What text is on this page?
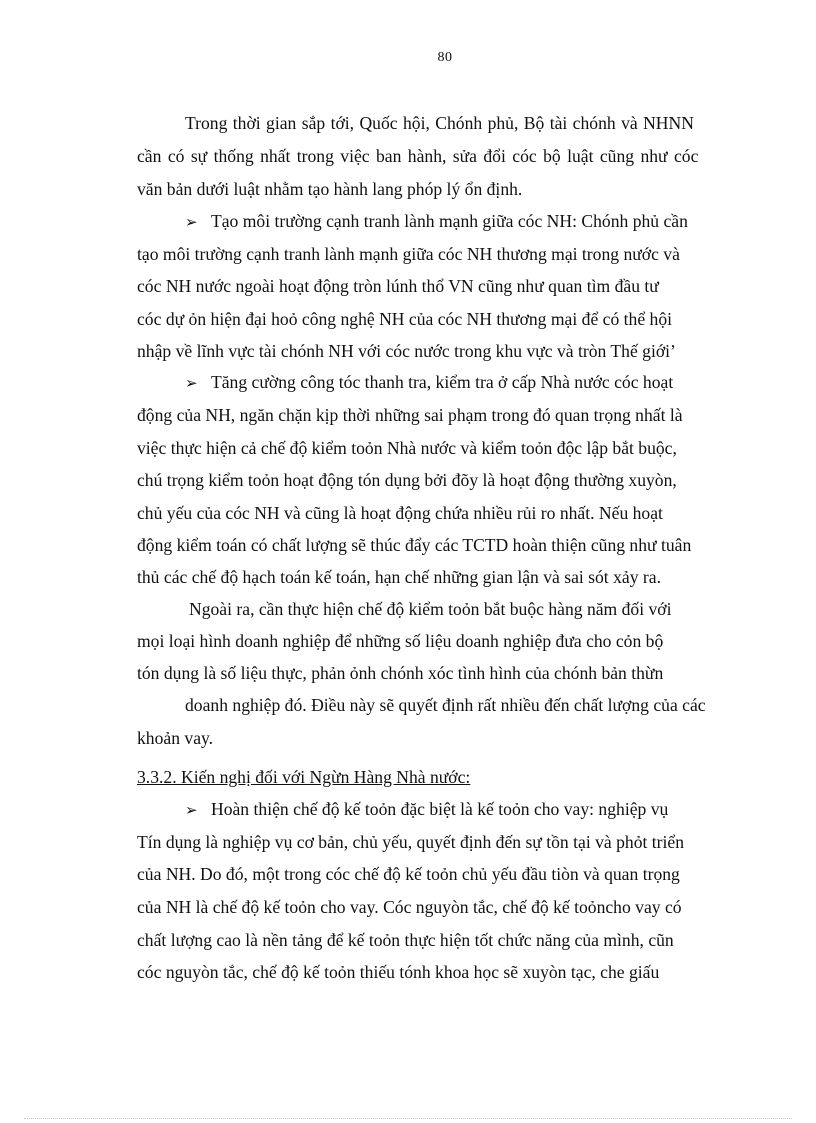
80
Trong thời gian sắp tới, Quốc hội, Chónh phủ, Bộ tài chónh và NHNN
cần có sự thống nhất trong việc ban hành, sửa đổi cóc bộ luật cũng như cóc
văn bản dưới luật nhằm tạo hành lang phóp lý ổn định.
➢ Tạo môi trường cạnh tranh lành mạnh giữa cóc NH: Chónh phủ cần
tạo môi trường cạnh tranh lành mạnh giữa cóc NH thương mại trong nước và
cóc NH nước ngoài hoạt động tròn lúnh thổ VN cũng như quan tìm đầu tư
cóc dự ỏn hiện đại hoỏ công nghệ NH của cóc NH thương mại để có thể hội
nhập về lĩnh vực tài chónh NH với cóc nước trong khu vực và tròn Thế giới’
➢ Tăng cường công tóc thanh tra, kiểm tra ở cấp Nhà nước cóc hoạt
động của NH, ngăn chặn kịp thời những sai phạm trong đó quan trọng nhất là
việc thực hiện cả chế độ kiểm toỏn Nhà nước và kiểm toỏn độc lập bắt buộc,
chú trọng kiểm toỏn hoạt động tón dụng bởi đõy là hoạt động thường xuyòn,
chủ yếu của cóc NH và cũng là hoạt động chứa nhiều rủi ro nhất. Nếu hoạt
động kiểm toán có chất lượng sẽ thúc đẩy các TCTD hoàn thiện cũng như tuân
thủ các chế độ hạch toán kế toán, hạn chế những gian lận và sai sót xảy ra.
Ngoài ra, cần thực hiện chế độ kiểm toỏn bắt buộc hàng năm đối với
mọi loại hình doanh nghiệp để những số liệu doanh nghiệp đưa cho cỏn bộ
tón dụng là số liệu thực, phản ỏnh chónh xóc tình hình của chónh bản thừn
doanh nghiệp đó. Điều này sẽ quyết định rất nhiều đến chất lượng của các
khoản vay.
3.3.2. Kiến nghị đối với Ngừn Hàng Nhà nước:
➢ Hoàn thiện chế độ kế toỏn đặc biệt là kế toỏn cho vay: nghiệp vụ
Tín dụng là nghiệp vụ cơ bản, chủ yếu, quyết định đến sự tồn tại và phỏt triển
của NH. Do đó, một trong cóc chế độ kế toỏn chủ yếu đầu tiòn và quan trọng
của NH là chế độ kế toỏn cho vay. Cóc nguyòn tắc, chế độ kế toỏncho vay có
chất lượng cao là nền tảng để kế toỏn thực hiện tốt chức năng của mình, cũn
cóc nguyòn tắc, chế độ kế toỏn thiếu tónh khoa học sẽ xuyòn tạc, che giấu
